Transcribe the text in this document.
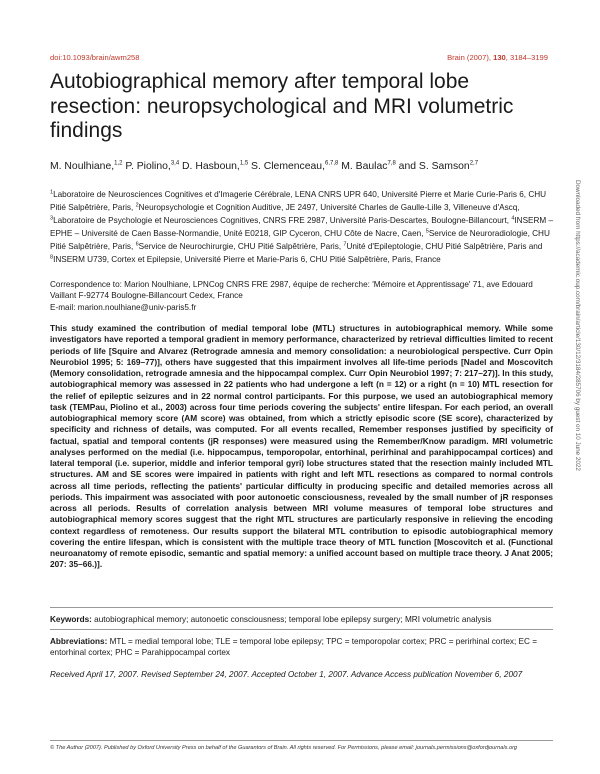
doi:10.1093/brain/awm258	Brain (2007), 130, 3184–3199
Autobiographical memory after temporal lobe resection: neuropsychological and MRI volumetric findings
M. Noulhiane,$^{1,2}$ P. Piolino,$^{3,4}$ D. Hasboun,$^{1,5}$ S. Clemenceau,$^{6,7,8}$ M. Baulac$^{7,8}$ and S. Samson$^{2,7}$
$^1$Laboratoire de Neurosciences Cognitives et d'Imagerie Cérébrale, LENA CNRS UPR 640, Université Pierre et Marie Curie-Paris 6, CHU Pitié Salpêtrière, Paris, $^2$Neuropsychologie et Cognition Auditive, JE 2497, Université Charles de Gaulle-Lille 3, Villeneuve d'Ascq, $^3$Laboratoire de Psychologie et Neurosciences Cognitives, CNRS FRE 2987, Université Paris-Descartes, Boulogne-Billancourt, $^4$INSERM – EPHE – Université de Caen Basse-Normandie, Unité E0218, GIP Cyceron, CHU Côte de Nacre, Caen, $^5$Service de Neuroradiologie, CHU Pitié Salpêtrière, Paris, $^6$Service de Neurochirurgie, CHU Pitié Salpêtrière, Paris, $^7$Unité d'Epileptologie, CHU Pitié Salpêtrière, Paris and $^8$INSERM U739, Cortex et Epilepsie, Université Pierre et Marie-Paris 6, CHU Pitié Salpêtrière, Paris, France
Correspondence to: Marion Noulhiane, LPNCog CNRS FRE 2987, équipe de recherche: 'Mémoire et Apprentissage' 71, ave Edouard Vaillant F-92774 Boulogne-Billancourt Cedex, France
E-mail: marion.noulhiane@univ-paris5.fr
This study examined the contribution of medial temporal lobe (MTL) structures in autobiographical memory. While some investigators have reported a temporal gradient in memory performance, characterized by retrieval difficulties limited to recent periods of life [Squire and Alvarez (Retrograde amnesia and memory consolidation: a neurobiological perspective. Curr Opin Neurobiol 1995; 5: 169–77)], others have suggested that this impairment involves all life-time periods [Nadel and Moscovitch (Memory consolidation, retrograde amnesia and the hippocampal complex. Curr Opin Neurobiol 1997; 7: 217–27)]. In this study, autobiographical memory was assessed in 22 patients who had undergone a left (n = 12) or a right (n = 10) MTL resection for the relief of epileptic seizures and in 22 normal control participants. For this purpose, we used an autobiographical memory task (TEMPau, Piolino et al., 2003) across four time periods covering the subjects' entire lifespan. For each period, an overall autobiographical memory score (AM score) was obtained, from which a strictly episodic score (SE score), characterized by specificity and richness of details, was computed. For all events recalled, Remember responses justified by specificity of factual, spatial and temporal contents (jR responses) were measured using the Remember/Know paradigm. MRI volumetric analyses performed on the medial (i.e. hippocampus, temporopolar, entorhinal, perirhinal and parahippocampal cortices) and lateral temporal (i.e. superior, middle and inferior temporal gyri) lobe structures stated that the resection mainly included MTL structures. AM and SE scores were impaired in patients with right and left MTL resections as compared to normal controls across all time periods, reflecting the patients' particular difficulty in producing specific and detailed memories across all periods. This impairment was associated with poor autonoetic consciousness, revealed by the small number of jR responses across all periods. Results of correlation analysis between MRI volume measures of temporal lobe structures and autobiographical memory scores suggest that the right MTL structures are particularly responsive in relieving the encoding context regardless of remoteness. Our results support the bilateral MTL contribution to episodic autobiographical memory covering the entire lifespan, which is consistent with the multiple trace theory of MTL function [Moscovitch et al. (Functional neuroanatomy of remote episodic, semantic and spatial memory: a unified account based on multiple trace theory. J Anat 2005; 207: 35–66.)].
Keywords: autobiographical memory; autonoetic consciousness; temporal lobe epilepsy surgery; MRI volumetric analysis
Abbreviations: MTL = medial temporal lobe; TLE = temporal lobe epilepsy; TPC = temporopolar cortex; PRC = perirhinal cortex; EC = entorhinal cortex; PHC = Parahippocampal cortex
Received April 17, 2007. Revised September 24, 2007. Accepted October 1, 2007. Advance Access publication November 6, 2007
© The Author (2007). Published by Oxford University Press on behalf of the Guarantors of Brain. All rights reserved. For Permissions, please email: journals.permissions@oxfordjournals.org
Downloaded from https://academic.oup.com/brain/article/130/12/3184/285706 by guest on 10 June 2022
